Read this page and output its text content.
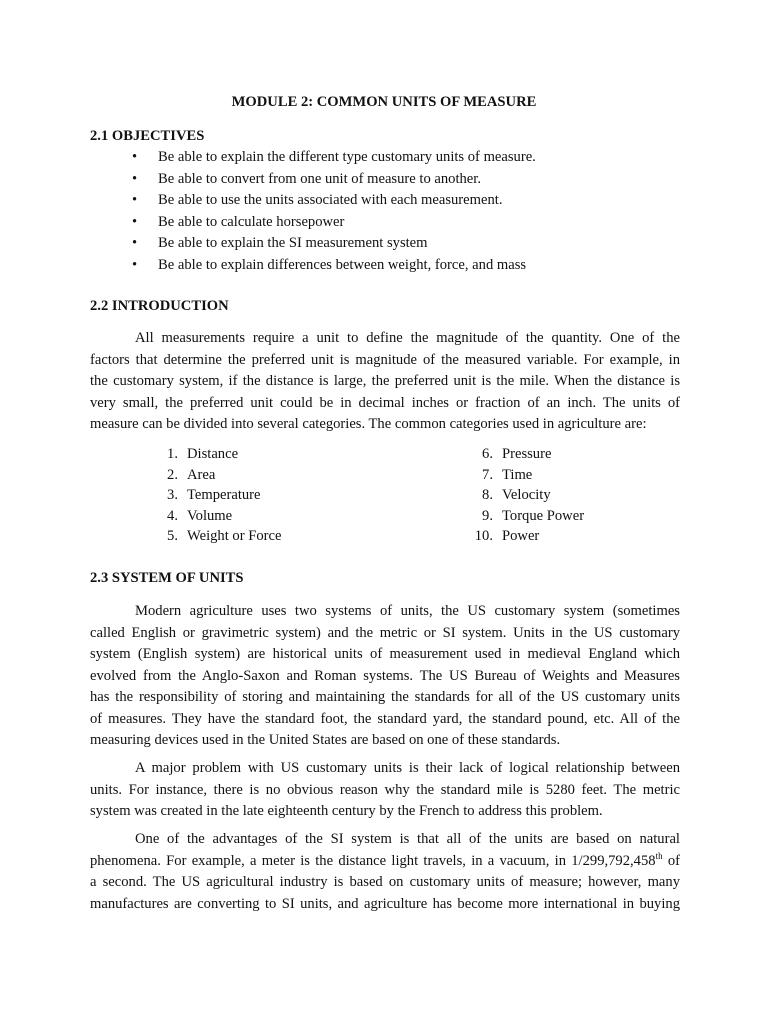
MODULE 2: COMMON UNITS OF MEASURE
2.1 OBJECTIVES
• Be able to explain the different type customary units of measure.
• Be able to convert from one unit of measure to another.
• Be able to use the units associated with each measurement.
• Be able to calculate horsepower
• Be able to explain the SI measurement system
• Be able to explain differences between weight, force, and mass
2.2 INTRODUCTION
All measurements require a unit to define the magnitude of the quantity. One of the
factors that determine the preferred unit is magnitude of the measured variable. For example, in
the customary system, if the distance is large, the preferred unit is the mile. When the distance is
very small, the preferred unit could be in decimal inches or fraction of an inch. The units of
measure can be divided into several categories. The common categories used in agriculture are:
1. Distance
2. Area
3. Temperature
4. Volume
5. Weight or Force
6. Pressure
7. Time
8. Velocity
9. Torque Power
10. Power
2.3 SYSTEM OF UNITS
Modern agriculture uses two systems of units, the US customary system (sometimes
called English or gravimetric system) and the metric or SI system. Units in the US customary
system (English system) are historical units of measurement used in medieval England which
evolved from the Anglo-Saxon and Roman systems. The US Bureau of Weights and Measures
has the responsibility of storing and maintaining the standards for all of the US customary units
of measures. They have the standard foot, the standard yard, the standard pound, etc. All of the
measuring devices used in the United States are based on one of these standards.
A major problem with US customary units is their lack of logical relationship between
units. For instance, there is no obvious reason why the standard mile is 5280 feet. The metric
system was created in the late eighteenth century by the French to address this problem.
One of the advantages of the SI system is that all of the units are based on natural
phenomena. For example, a meter is the distance light travels, in a vacuum, in 1/299,792,458th of
a second. The US agricultural industry is based on customary units of measure; however, many
manufactures are converting to SI units, and agriculture has become more international in buying
